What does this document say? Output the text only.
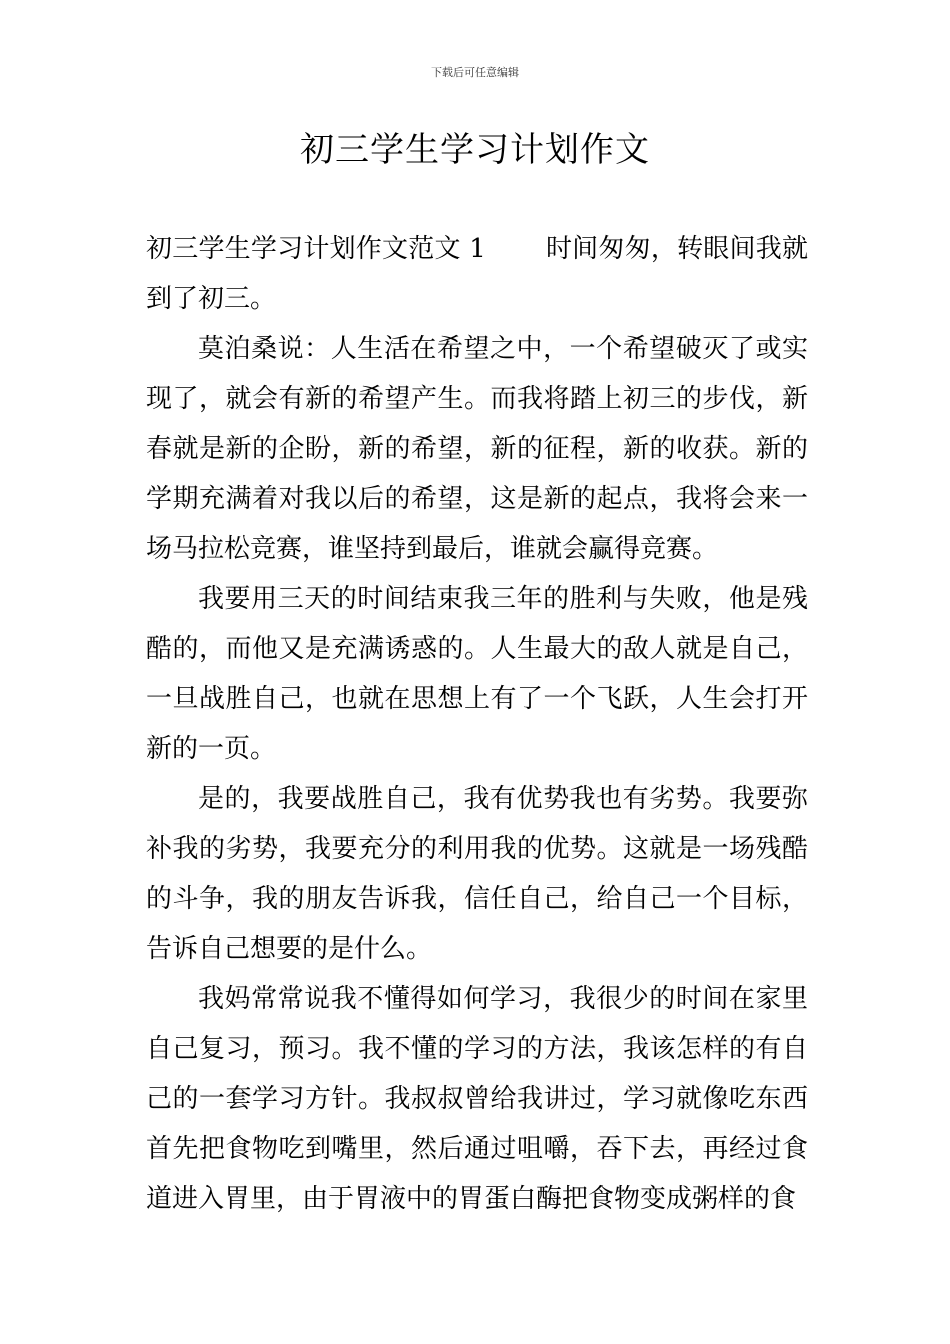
下载后可任意编辑
初三学生学习计划作文

初三学生学习计划作文范文 1 时间匆匆，转眼间我就到了初三。

莫泊桑说：人生活在希望之中，一个希望破灭了或实现了，就会有新的希望产生。而我将踏上初三的步伐，新春就是新的企盼，新的希望，新的征程，新的收获。新的学期充满着对我以后的希望，这是新的起点，我将会来一场马拉松竞赛，谁坚持到最后，谁就会赢得竞赛。

我要用三天的时间结束我三年的胜利与失败，他是残酷的，而他又是充满诱惑的。人生最大的敌人就是自己，一旦战胜自己，也就在思想上有了一个飞跃，人生会打开新的一页。

是的，我要战胜自己，我有优势我也有劣势。我要弥补我的劣势，我要充分的利用我的优势。这就是一场残酷的斗争，我的朋友告诉我，信任自己，给自己一个目标，告诉自己想要的是什么。

我妈常常说我不懂得如何学习，我很少的时间在家里自己复习，预习。我不懂的学习的方法，我该怎样的有自己的一套学习方针。我叔叔曾给我讲过，学习就像吃东西首先把食物吃到嘴里，然后通过咀嚼，吞下去，再经过食道进入胃里，由于胃液中的胃蛋白酶把食物变成粥样的食
